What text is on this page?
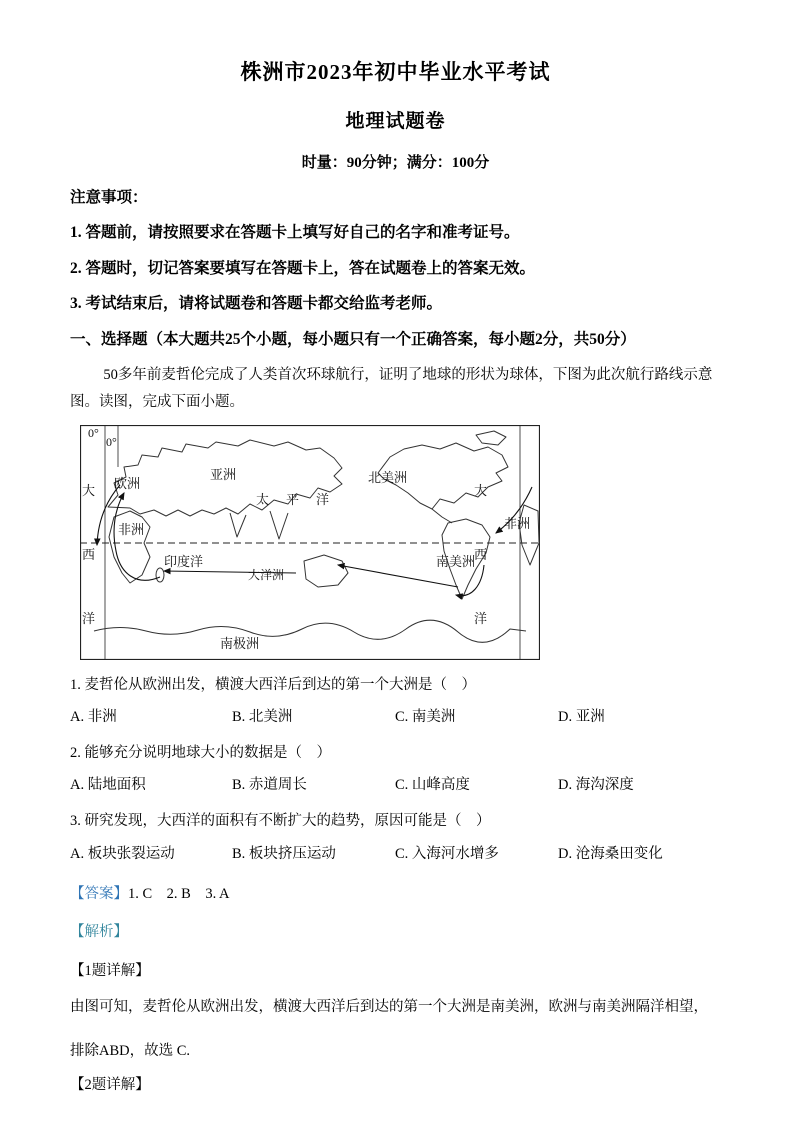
株洲市2023年初中毕业水平考试
地理试题卷
时量：90分钟；满分：100分
注意事项：
1. 答题前，请按照要求在答题卡上填写好自己的名字和准考证号。
2. 答题时，切记答案要填写在答题卡上，答在试题卷上的答案无效。
3. 考试结束后，请将试题卷和答题卡都交给监考老师。
一、选择题（本大题共25个小题，每小题只有一个正确答案，每小题2分，共50分）

50多年前麦哲伦完成了人类首次环球航行，证明了地球的形状为球体，下图为此次航行路线示意图。读图，完成下面小题。

0°
0°
欧洲
亚洲	北美洲
太平洋
大西洋
大西洋
非洲	非洲
印度洋
大洋洲
南美洲
南极洲
1. 麦哲伦从欧洲出发，横渡大西洋后到达的第一个大洲是（　）
A. 非洲	B. 北美洲	C. 南美洲	D. 亚洲
2. 能够充分说明地球大小的数据是（　）
A. 陆地面积	B. 赤道周长	C. 山峰高度	D. 海沟深度
3. 研究发现，大西洋的面积有不断扩大的趋势，原因可能是（　）
A. 板块张裂运动	B. 板块挤压运动	C. 入海河水增多	D. 沧海桑田变化
【答案】1. C    2. B    3. A
【解析】
【1题详解】

由图可知，麦哲伦从欧洲出发，横渡大西洋后到达的第一个大洲是南美洲，欧洲与南美洲隔洋相望，排除ABD，故选 C.

【2题详解】
